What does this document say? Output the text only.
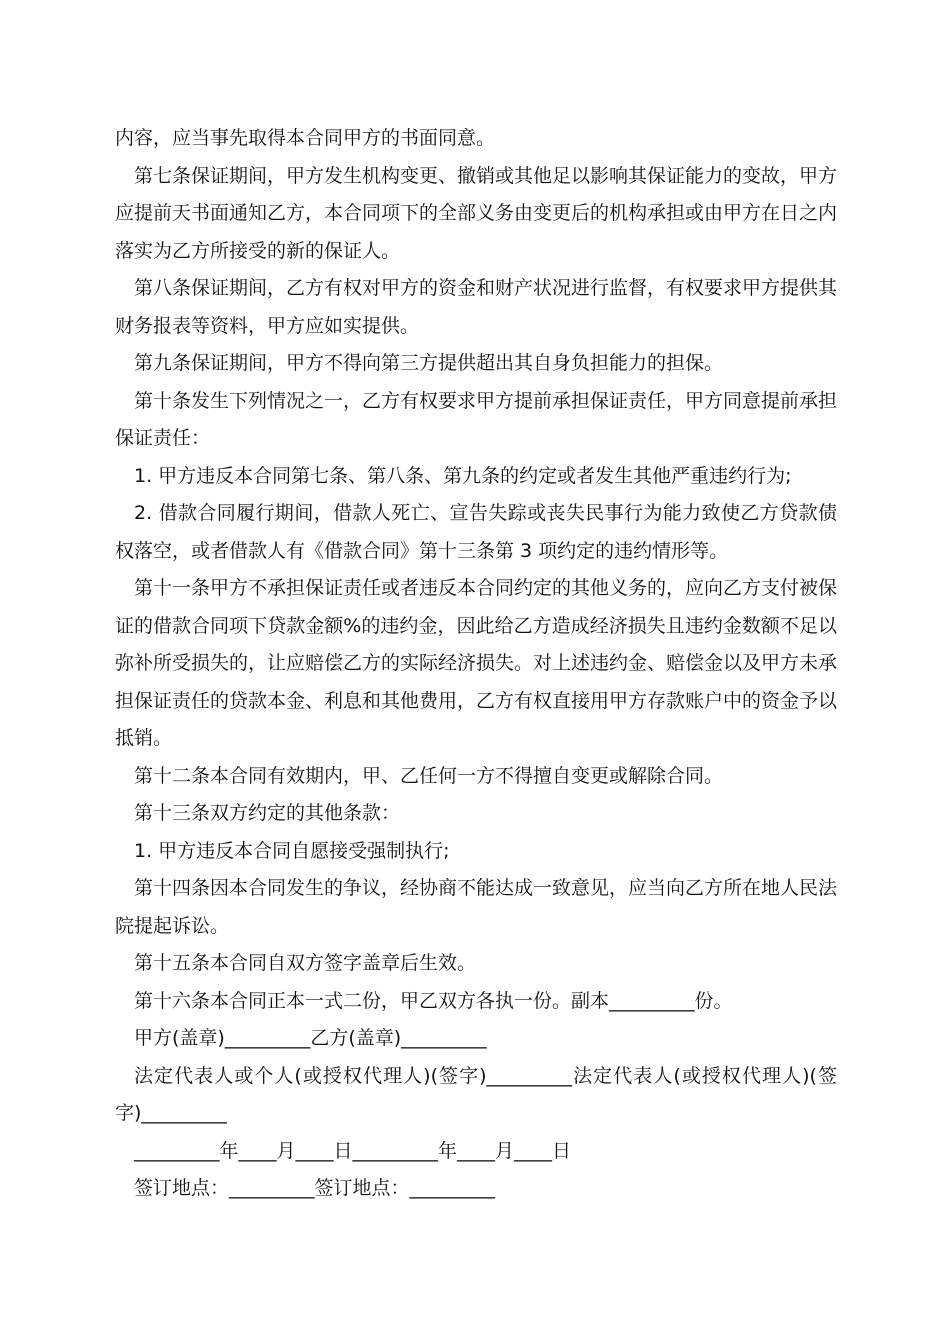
内容，应当事先取得本合同甲方的书面同意。

第七条保证期间，甲方发生机构变更、撤销或其他足以影响其保证能力的变故，甲方应提前天书面通知乙方，本合同项下的全部义务由变更后的机构承担或由甲方在日之内落实为乙方所接受的新的保证人。

第八条保证期间，乙方有权对甲方的资金和财产状况进行监督，有权要求甲方提供其财务报表等资料，甲方应如实提供。

第九条保证期间，甲方不得向第三方提供超出其自身负担能力的担保。

第十条发生下列情况之一，乙方有权要求甲方提前承担保证责任，甲方同意提前承担保证责任：

1. 甲方违反本合同第七条、第八条、第九条的约定或者发生其他严重违约行为;

2. 借款合同履行期间，借款人死亡、宣告失踪或丧失民事行为能力致使乙方贷款债权落空，或者借款人有《借款合同》第十三条第 3 项约定的违约情形等。

第十一条甲方不承担保证责任或者违反本合同约定的其他义务的，应向乙方支付被保证的借款合同项下贷款金额%的违约金，因此给乙方造成经济损失且违约金数额不足以弥补所受损失的，让应赔偿乙方的实际经济损失。对上述违约金、赔偿金以及甲方未承担保证责任的贷款本金、利息和其他费用，乙方有权直接用甲方存款账户中的资金予以抵销。

第十二条本合同有效期内，甲、乙任何一方不得擅自变更或解除合同。

第十三条双方约定的其他条款：

1. 甲方违反本合同自愿接受强制执行;

第十四条因本合同发生的争议，经协商不能达成一致意见，应当向乙方所在地人民法院提起诉讼。

第十五条本合同自双方签字盖章后生效。

第十六条本合同正本一式二份，甲乙双方各执一份。副本_________份。

甲方(盖章)_________乙方(盖章)_________

法定代表人或个人(或授权代理人)(签字)_________法定代表人(或授权代理人)(签字)_________

_________年____月____日_________年____月____日

签订地点：_________签订地点：_________
